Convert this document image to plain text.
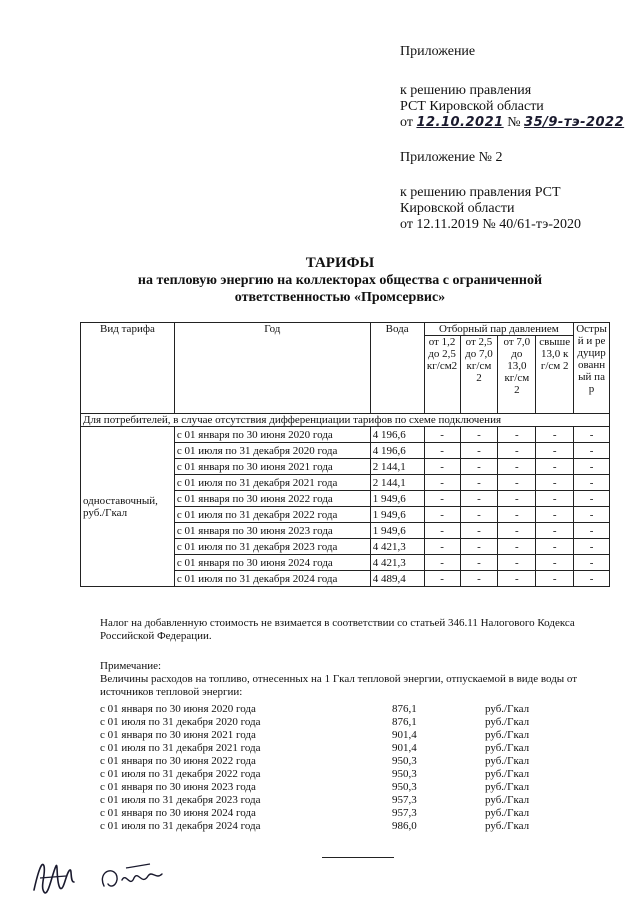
Приложение
к решению правления
РСТ Кировской области
от 12.10.2021 № 35/9-тэ-2022
Приложение № 2
к решению правления РСТ
Кировской области
от 12.11.2019 № 40/61-тэ-2020
ТАРИФЫ
на тепловую энергию на коллекторах общества с ограниченной
ответственностью «Промсервис»
Вид тарифа	Год	Вода	Отборный пар давлением				Острый и редуцированный пар
			от 1,2 до 2,5 кг/см2	от 2,5 до 7,0 кг/см 2	от 7,0 до 13,0 кг/см 2	свыше 13,0 кг/см 2	
Для потребителей, в случае отсутствия дифференциации тарифов по схеме подключения							
одноставочный, руб./Гкал	с 01 января по 30 июня 2020 года	4 196,6	-	-	-	-	-
	с 01 июля по 31 декабря 2020 года	4 196,6	-	-	-	-	-
	с 01 января по 30 июня 2021 года	2 144,1	-	-	-	-	-
	с 01 июля по 31 декабря 2021 года	2 144,1	-	-	-	-	-
	с 01 января по 30 июня 2022 года	1 949,6	-	-	-	-	-
	с 01 июля по 31 декабря 2022 года	1 949,6	-	-	-	-	-
	с 01 января по 30 июня 2023 года	1 949,6	-	-	-	-	-
	с 01 июля по 31 декабря 2023 года	4 421,3	-	-	-	-	-
	с 01 января по 30 июня 2024 года	4 421,3	-	-	-	-	-
	с 01 июля по 31 декабря 2024 года	4 489,4	-	-	-	-	-
Налог на добавленную стоимость не взимается в соответствии со статьей 346.11 Налогового Кодекса Российской Федерации.
Примечание:
Величины расходов на топливо, отнесенных на 1 Гкал тепловой энергии, отпускаемой в виде воды от источников тепловой энергии:
с 01 января по 30 июня 2020 года	876,1	руб./Гкал
с 01 июля по 31 декабря 2020 года	876,1	руб./Гкал
с 01 января по 30 июня 2021 года	901,4	руб./Гкал
с 01 июля по 31 декабря 2021 года	901,4	руб./Гкал
с 01 января по 30 июня 2022 года	950,3	руб./Гкал
с 01 июля по 31 декабря 2022 года	950,3	руб./Гкал
с 01 января по 30 июня 2023 года	950,3	руб./Гкал
с 01 июля по 31 декабря 2023 года	957,3	руб./Гкал
с 01 января по 30 июня 2024 года	957,3	руб./Гкал
с 01 июля по 31 декабря 2024 года	986,0	руб./Гкал
